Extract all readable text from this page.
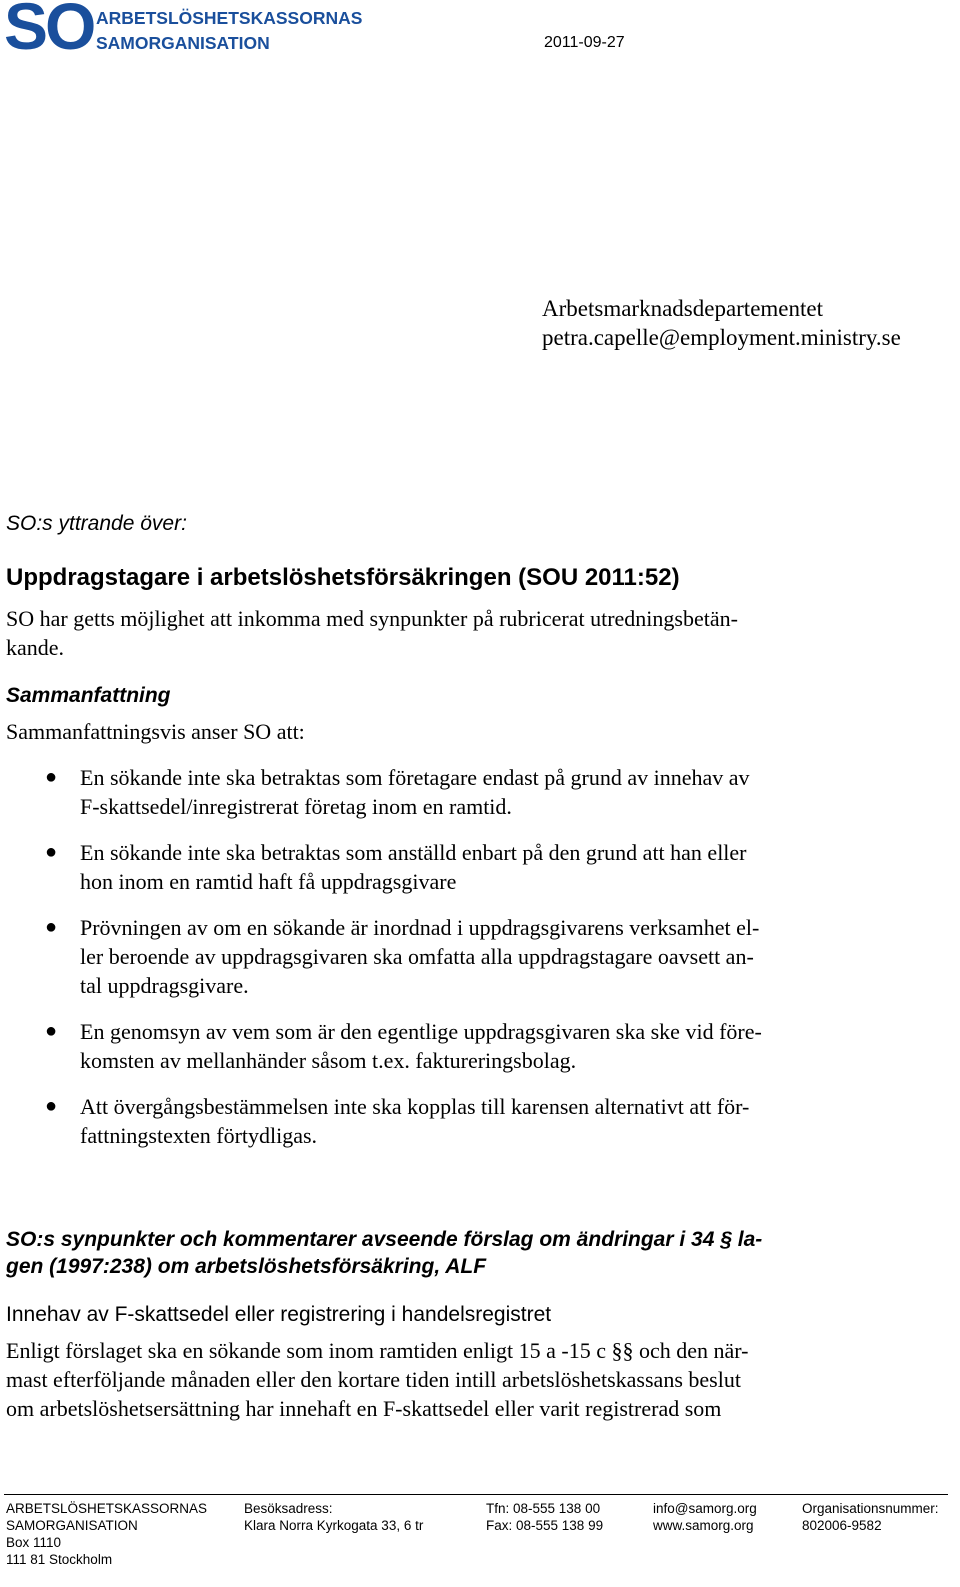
SO ARBETSLÖSHETSKASSORNAS
SAMORGANISATION	2011-09-27
Arbetsmarknadsdepartementet
petra.capelle@employment.ministry.se
SO:s yttrande över:
Uppdragstagare i arbetslöshetsförsäkringen (SOU 2011:52)
SO har getts möjlighet att inkomma med synpunkter på rubricerat utredningsbetän-
kande.
Sammanfattning
Sammanfattningsvis anser SO att:
● En sökande inte ska betraktas som företagare endast på grund av innehav av
F-skattsedel/inregistrerat företag inom en ramtid.
● En sökande inte ska betraktas som anställd enbart på den grund att han eller
hon inom en ramtid haft få uppdragsgivare
● Prövningen av om en sökande är inordnad i uppdragsgivarens verksamhet el-
ler beroende av uppdragsgivaren ska omfatta alla uppdragstagare oavsett an-
tal uppdragsgivare.
● En genomsyn av vem som är den egentlige uppdragsgivaren ska ske vid före-
komsten av mellanhänder såsom t.ex. faktureringsbolag.
● Att övergångsbestämmelsen inte ska kopplas till karensen alternativt att för-
fattningstexten förtydligas.
SO:s synpunkter och kommentarer avseende förslag om ändringar i 34 § la-
gen (1997:238) om arbetslöshetsförsäkring, ALF
Innehav av F-skattsedel eller registrering i handelsregistret
Enligt förslaget ska en sökande som inom ramtiden enligt 15 a -15 c §§ och den när-
mast efterföljande månaden eller den kortare tiden intill arbetslöshetskassans beslut
om arbetslöshetsersättning har innehaft en F-skattsedel eller varit registrerad som
ARBETSLÖSHETSKASSORNAS
SAMORGANISATION
Box 1110
111 81 Stockholm
Besöksadress:
Klara Norra Kyrkogata 33, 6 tr
Tfn: 08-555 138 00
Fax: 08-555 138 99
info@samorg.org
www.samorg.org
Organisationsnummer:
802006-9582
